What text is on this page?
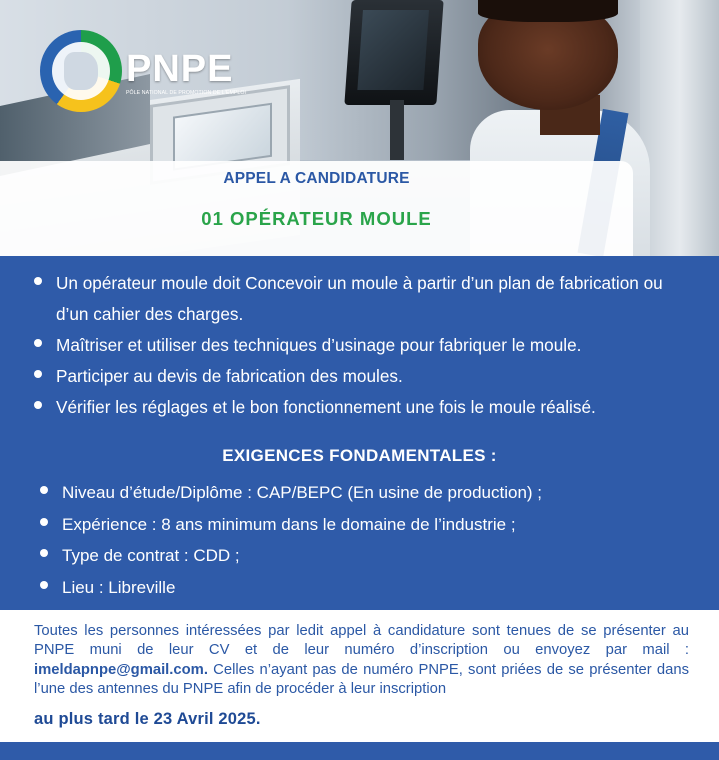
PNPE
PÔLE NATIONAL DE PROMOTION DE L'EMPLOI
APPEL A CANDIDATURE
01 OPÉRATEUR MOULE
Un opérateur moule doit Concevoir un moule à partir d’un plan de fabrication ou d’un cahier des charges.
Maîtriser et utiliser des techniques d’usinage pour fabriquer le moule.
Participer au devis de fabrication des moules.
Vérifier les réglages et le bon fonctionnement une fois le moule réalisé.
EXIGENCES FONDAMENTALES :
Niveau d’étude/Diplôme : CAP/BEPC (En usine de production) ;
Expérience : 8 ans minimum dans le domaine de l’industrie ;
Type de contrat : CDD ;
Lieu : Libreville
Toutes les personnes intéressées par ledit appel à candidature sont tenues de se présenter au PNPE muni de leur CV et de leur numéro d’inscription ou envoyez par mail : imeldapnpe@gmail.com. Celles n’ayant pas de numéro PNPE, sont priées de se présenter dans l’une des antennes du PNPE afin de procéder à leur inscription
au plus tard le 23 Avril 2025.
